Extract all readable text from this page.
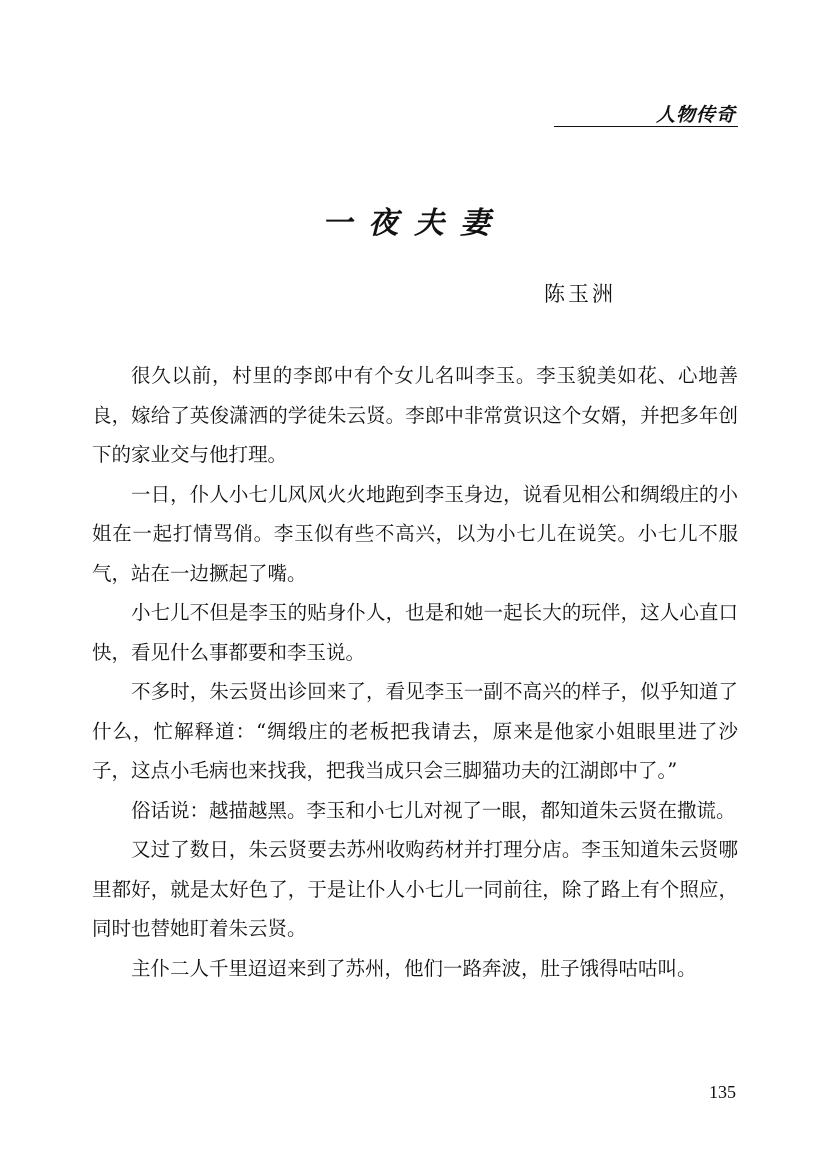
人物传奇
一夜夫妻
陈玉洲

很久以前，村里的李郎中有个女儿名叫李玉。李玉貌美如花、心地善良，嫁给了英俊潇洒的学徒朱云贤。李郎中非常赏识这个女婿，并把多年创下的家业交与他打理。

一日，仆人小七儿风风火火地跑到李玉身边，说看见相公和绸缎庄的小姐在一起打情骂俏。李玉似有些不高兴，以为小七儿在说笑。小七儿不服气，站在一边撅起了嘴。

小七儿不但是李玉的贴身仆人，也是和她一起长大的玩伴，这人心直口快，看见什么事都要和李玉说。

不多时，朱云贤出诊回来了，看见李玉一副不高兴的样子，似乎知道了什么，忙解释道：“绸缎庄的老板把我请去，原来是他家小姐眼里进了沙子，这点小毛病也来找我，把我当成只会三脚猫功夫的江湖郎中了。”

俗话说：越描越黑。李玉和小七儿对视了一眼，都知道朱云贤在撒谎。

又过了数日，朱云贤要去苏州收购药材并打理分店。李玉知道朱云贤哪里都好，就是太好色了，于是让仆人小七儿一同前往，除了路上有个照应，同时也替她盯着朱云贤。

主仆二人千里迢迢来到了苏州，他们一路奔波，肚子饿得咕咕叫。

135
